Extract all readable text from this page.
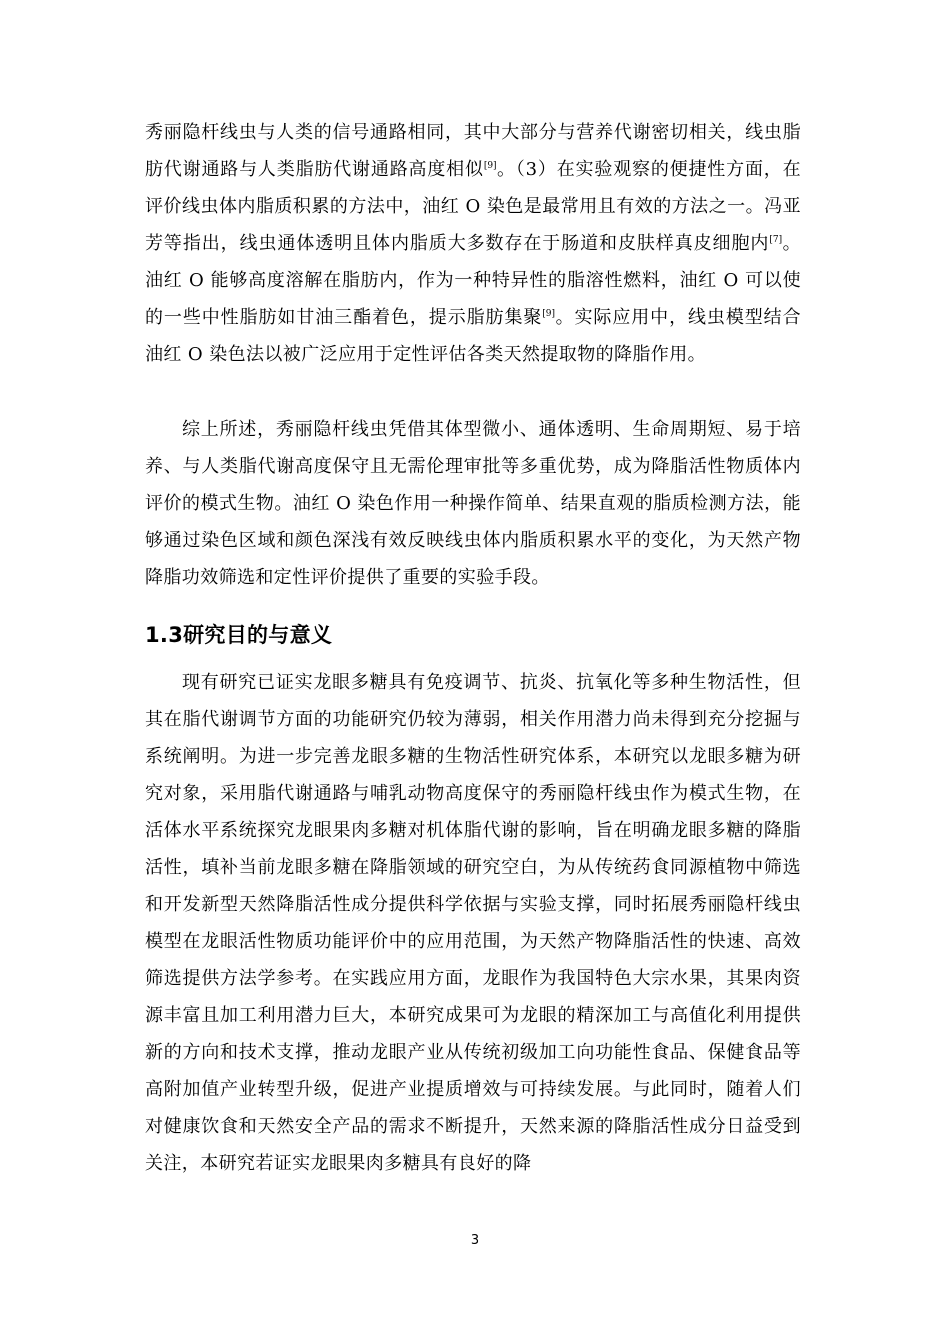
秀丽隐杆线虫与人类的信号通路相同，其中大部分与营养代谢密切相关，线虫脂肪代谢通路与人类脂肪代谢通路高度相似[9]。（3）在实验观察的便捷性方面，在评价线虫体内脂质积累的方法中，油红 O 染色是最常用且有效的方法之一。冯亚芳等指出，线虫通体透明且体内脂质大多数存在于肠道和皮肤样真皮细胞内[7]。油红 O 能够高度溶解在脂肪内，作为一种特异性的脂溶性燃料，油红 O 可以使的一些中性脂肪如甘油三酯着色，提示脂肪集聚[9]。实际应用中，线虫模型结合油红 O 染色法以被广泛应用于定性评估各类天然提取物的降脂作用。

综上所述，秀丽隐杆线虫凭借其体型微小、通体透明、生命周期短、易于培养、与人类脂代谢高度保守且无需伦理审批等多重优势，成为降脂活性物质体内评价的模式生物。油红 O 染色作用一种操作简单、结果直观的脂质检测方法，能够通过染色区域和颜色深浅有效反映线虫体内脂质积累水平的变化，为天然产物降脂功效筛选和定性评价提供了重要的实验手段。

1.3研究目的与意义

现有研究已证实龙眼多糖具有免疫调节、抗炎、抗氧化等多种生物活性，但其在脂代谢调节方面的功能研究仍较为薄弱，相关作用潜力尚未得到充分挖掘与系统阐明。为进一步完善龙眼多糖的生物活性研究体系，本研究以龙眼多糖为研究对象，采用脂代谢通路与哺乳动物高度保守的秀丽隐杆线虫作为模式生物，在活体水平系统探究龙眼果肉多糖对机体脂代谢的影响，旨在明确龙眼多糖的降脂活性，填补当前龙眼多糖在降脂领域的研究空白，为从传统药食同源植物中筛选和开发新型天然降脂活性成分提供科学依据与实验支撑，同时拓展秀丽隐杆线虫模型在龙眼活性物质功能评价中的应用范围，为天然产物降脂活性的快速、高效筛选提供方法学参考。在实践应用方面，龙眼作为我国特色大宗水果，其果肉资源丰富且加工利用潜力巨大，本研究成果可为龙眼的精深加工与高值化利用提供新的方向和技术支撑，推动龙眼产业从传统初级加工向功能性食品、保健食品等高附加值产业转型升级，促进产业提质增效与可持续发展。与此同时，随着人们对健康饮食和天然安全产品的需求不断提升，天然来源的降脂活性成分日益受到关注，本研究若证实龙眼果肉多糖具有良好的降

3
